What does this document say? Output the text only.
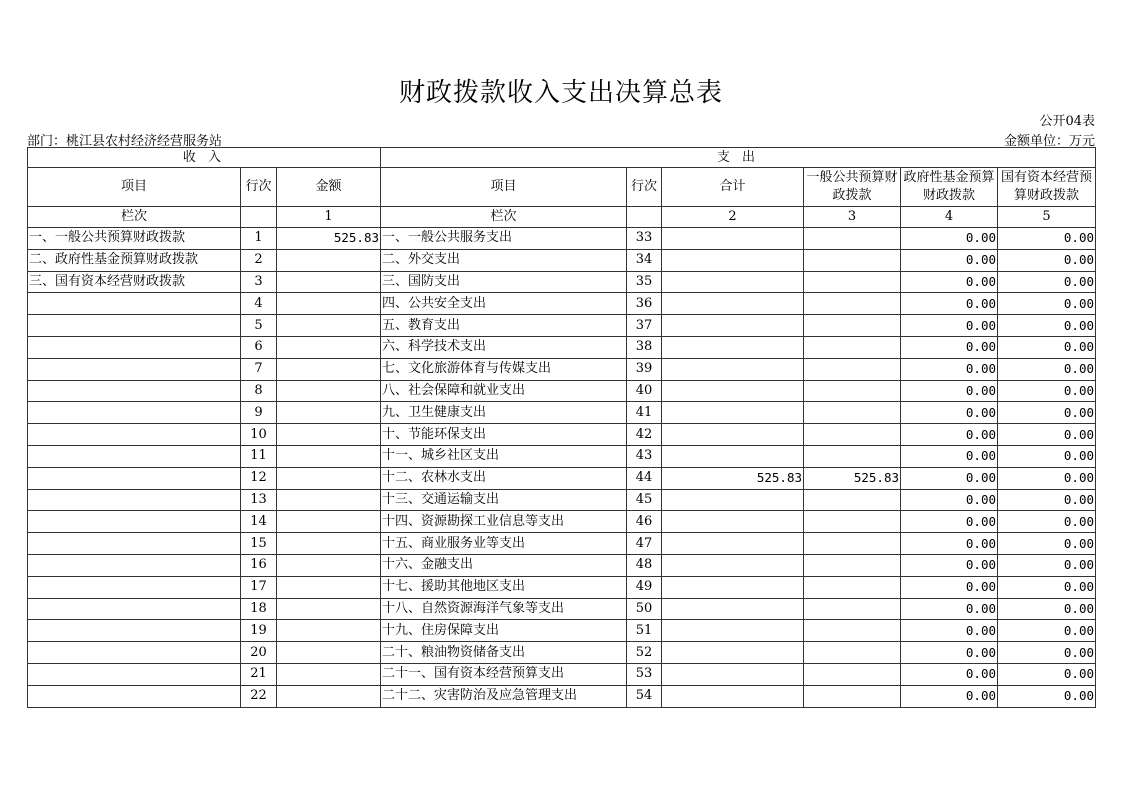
财政拨款收入支出决算总表
公开04表
部门：桃江县农村经济经营服务站	金额单位：万元
收 入			支 出					
项目	行次	金额	项目	行次	合计	一般公共预算财政拨款	政府性基金预算财政拨款	国有资本经营预算财政拨款
栏次		1	栏次		2	3	4	5
一、一般公共预算财政拨款	1	525.83	一、一般公共服务支出	33			0.00	0.00
二、政府性基金预算财政拨款	2		二、外交支出	34			0.00	0.00
三、国有资本经营财政拨款	3		三、国防支出	35			0.00	0.00
	4		四、公共安全支出	36			0.00	0.00
	5		五、教育支出	37			0.00	0.00
	6		六、科学技术支出	38			0.00	0.00
	7		七、文化旅游体育与传媒支出	39			0.00	0.00
	8		八、社会保障和就业支出	40			0.00	0.00
	9		九、卫生健康支出	41			0.00	0.00
	10		十、节能环保支出	42			0.00	0.00
	11		十一、城乡社区支出	43			0.00	0.00
	12		十二、农林水支出	44	525.83	525.83	0.00	0.00
	13		十三、交通运输支出	45			0.00	0.00
	14		十四、资源勘探工业信息等支出	46			0.00	0.00
	15		十五、商业服务业等支出	47			0.00	0.00
	16		十六、金融支出	48			0.00	0.00
	17		十七、援助其他地区支出	49			0.00	0.00
	18		十八、自然资源海洋气象等支出	50			0.00	0.00
	19		十九、住房保障支出	51			0.00	0.00
	20		二十、粮油物资储备支出	52			0.00	0.00
	21		二十一、国有资本经营预算支出	53			0.00	0.00
	22		二十二、灾害防治及应急管理支出	54			0.00	0.00
